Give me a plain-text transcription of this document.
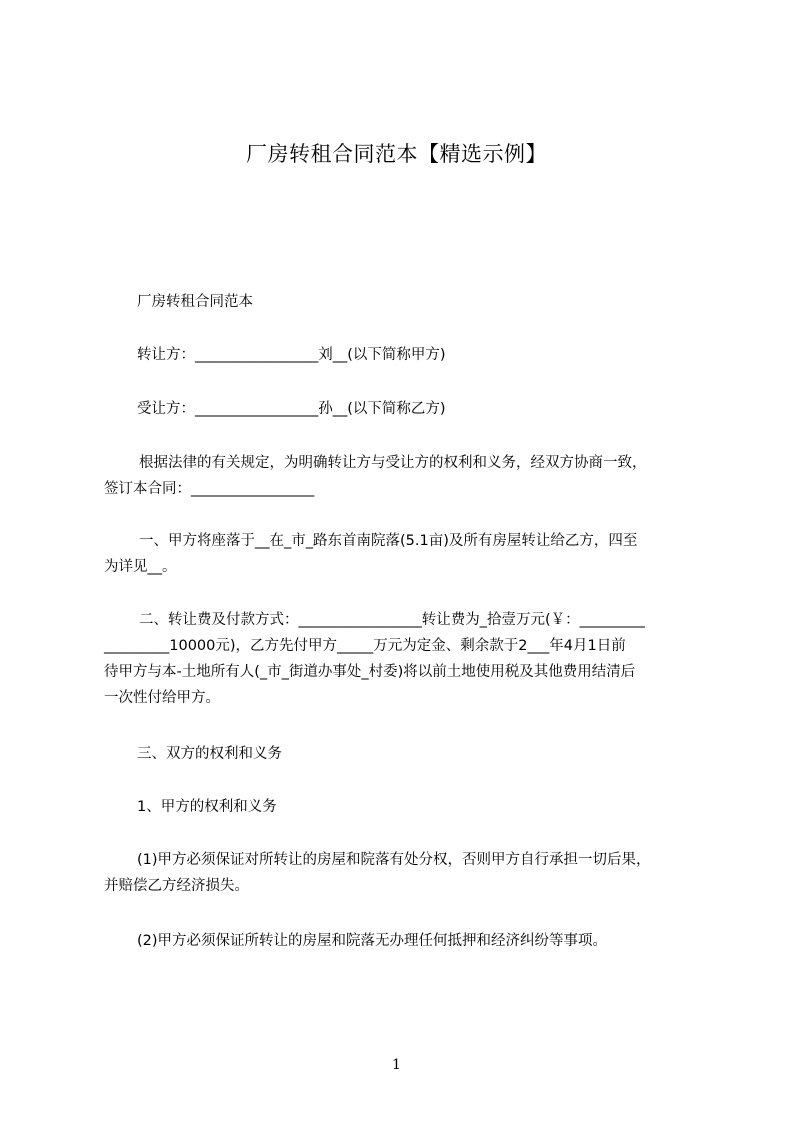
厂房转租合同范本【精选示例】
厂房转租合同范本
转让方：_________________刘__(以下简称甲方)
受让方：_________________孙__(以下简称乙方)
根据法律的有关规定，为明确转让方与受让方的权利和义务，经双方协商一致，
签订本合同：_________________
一、甲方将座落于__在_市_路东首南院落(5.1亩)及所有房屋转让给乙方，四至
为详见__。
二、转让费及付款方式：_________________转让费为_拾壹万元(￥：_________
_________10000元)，乙方先付甲方_____万元为定金、剩余款于2___年4月1日前
待甲方与本-土地所有人(_市_街道办事处_村委)将以前土地使用税及其他费用结清后
一次性付给甲方。
三、双方的权利和义务
1、甲方的权利和义务
(1)甲方必须保证对所转让的房屋和院落有处分权，否则甲方自行承担一切后果，
并赔偿乙方经济损失。
(2)甲方必须保证所转让的房屋和院落无办理任何抵押和经济纠纷等事项。
1
